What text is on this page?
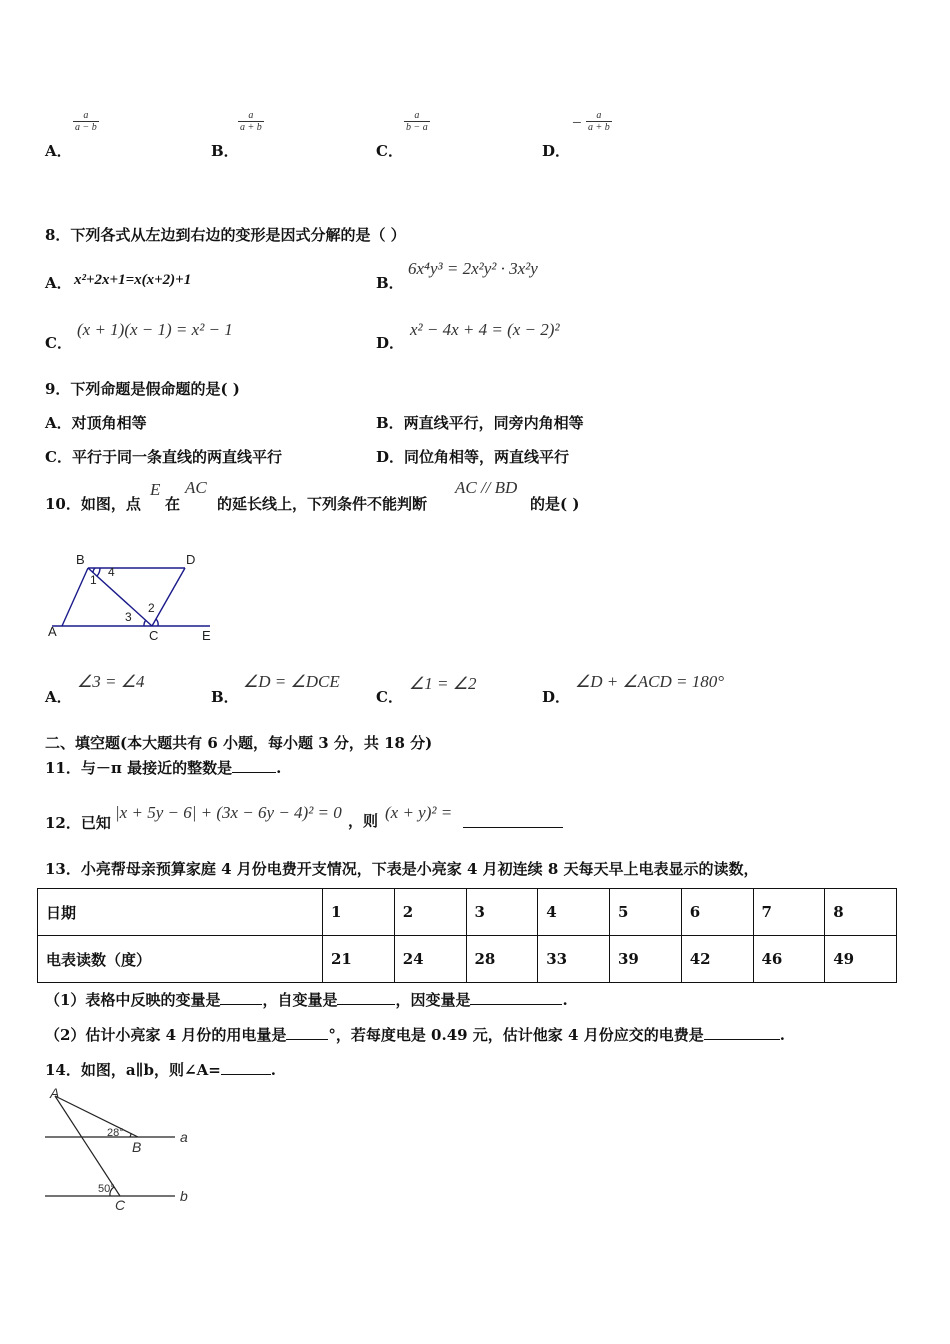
A．
$\frac{a}{a - b}$
B．
$\frac{a}{a + b}$
C．
$\frac{a}{b - a}$
D．
− $\frac{a}{a + b}$
8．下列各式从左边到右边的变形是因式分解的是（ ）
A． x²+2x+1=x(x+2)+1	B．
6x⁴y³ = 2x²y² · 3x²y
C．
(x + 1)(x − 1) = x² − 1
D．
x² − 4x + 4 = (x − 2)²
9．下列命题是假命题的是( )
A．对顶角相等	B．两直线平行，同旁内角相等
C．平行于同一条直线的两直线平行	D．同位角相等，两直线平行
10．如图，点
E
在
AC
的延长线上，下列条件不能判断
AC // BD
的是( )
B	D
A	C	E
1
4
3
2
A．
∠3 = ∠4
B．
∠D = ∠DCE
C．
∠1 = ∠2
D．
∠D + ∠ACD = 180°
二、填空题(本大题共有 6 小题，每小题 3 分，共 18 分)
11．与－π 最接近的整数是	.
12．已知
|x + 5y − 6| + (3x − 6y − 4)² = 0 ，则 (x + y)² =
13．小亮帮母亲预算家庭 4 月份电费开支情况，下表是小亮家 4 月初连续 8 天每天早上电表显示的读数，
日期	1	2	3	4	5	6	7	8
电表读数（度）	21	24	28	33	39	42	46	49
（1）表格中反映的变量是	，自变量是	，因变量是	.
（2）估计小亮家 4 月份的用电量是	°，若每度电是 0.49 元，估计他家 4 月份应交的电费是	.
14．如图，a∥b，则∠A=	.
A
B
C
a
b
28°
50°
